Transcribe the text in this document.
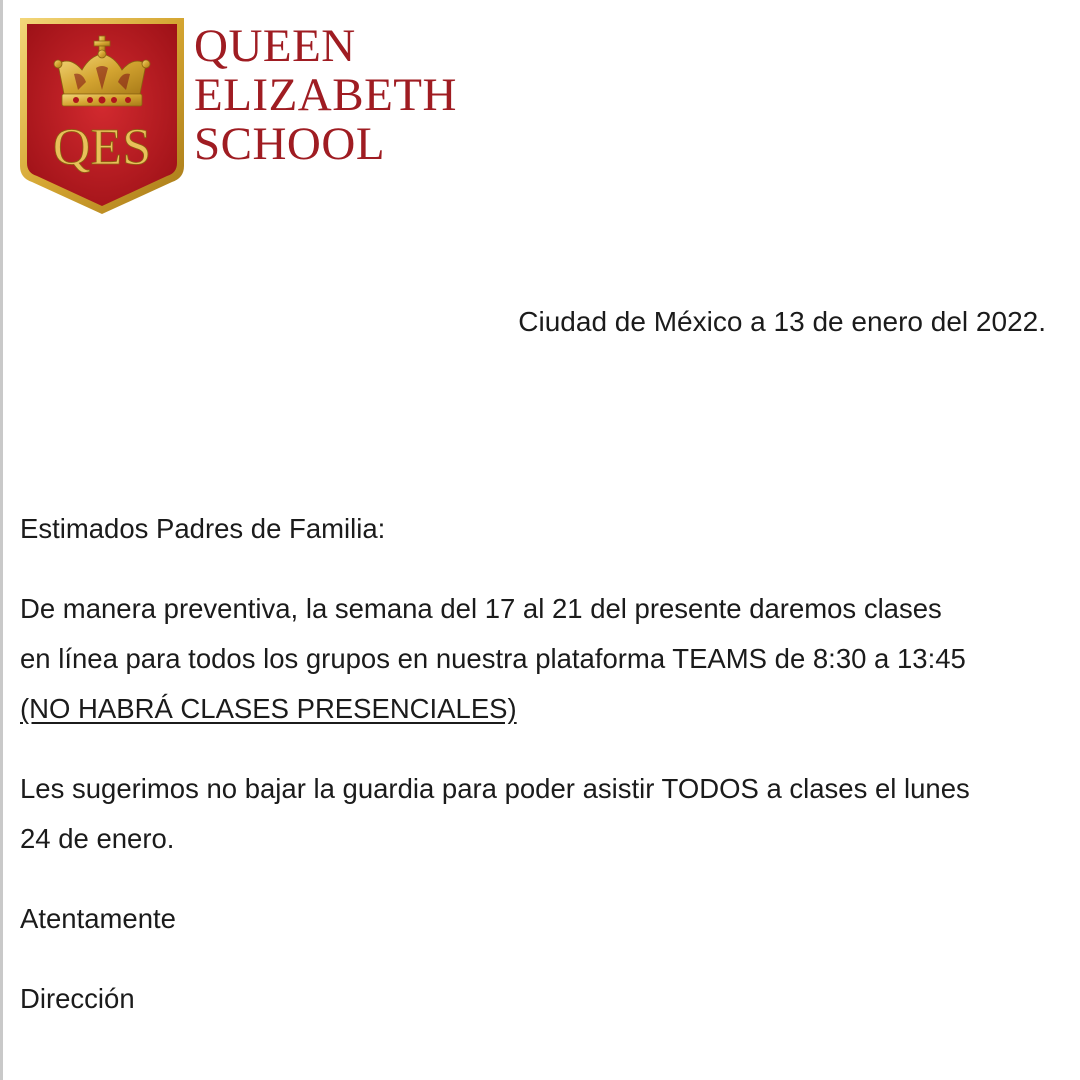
QES
QUEEN
ELIZABETH
SCHOOL

Ciudad de México a 13 de enero del 2022.

Estimados Padres de Familia:

De manera preventiva, la semana del 17 al 21 del presente daremos clases
en línea para todos los grupos en nuestra plataforma TEAMS de 8:30 a 13:45
(NO HABRÁ CLASES PRESENCIALES)

Les sugerimos no bajar la guardia para poder asistir TODOS a clases el lunes
24 de enero.

Atentamente

Dirección
